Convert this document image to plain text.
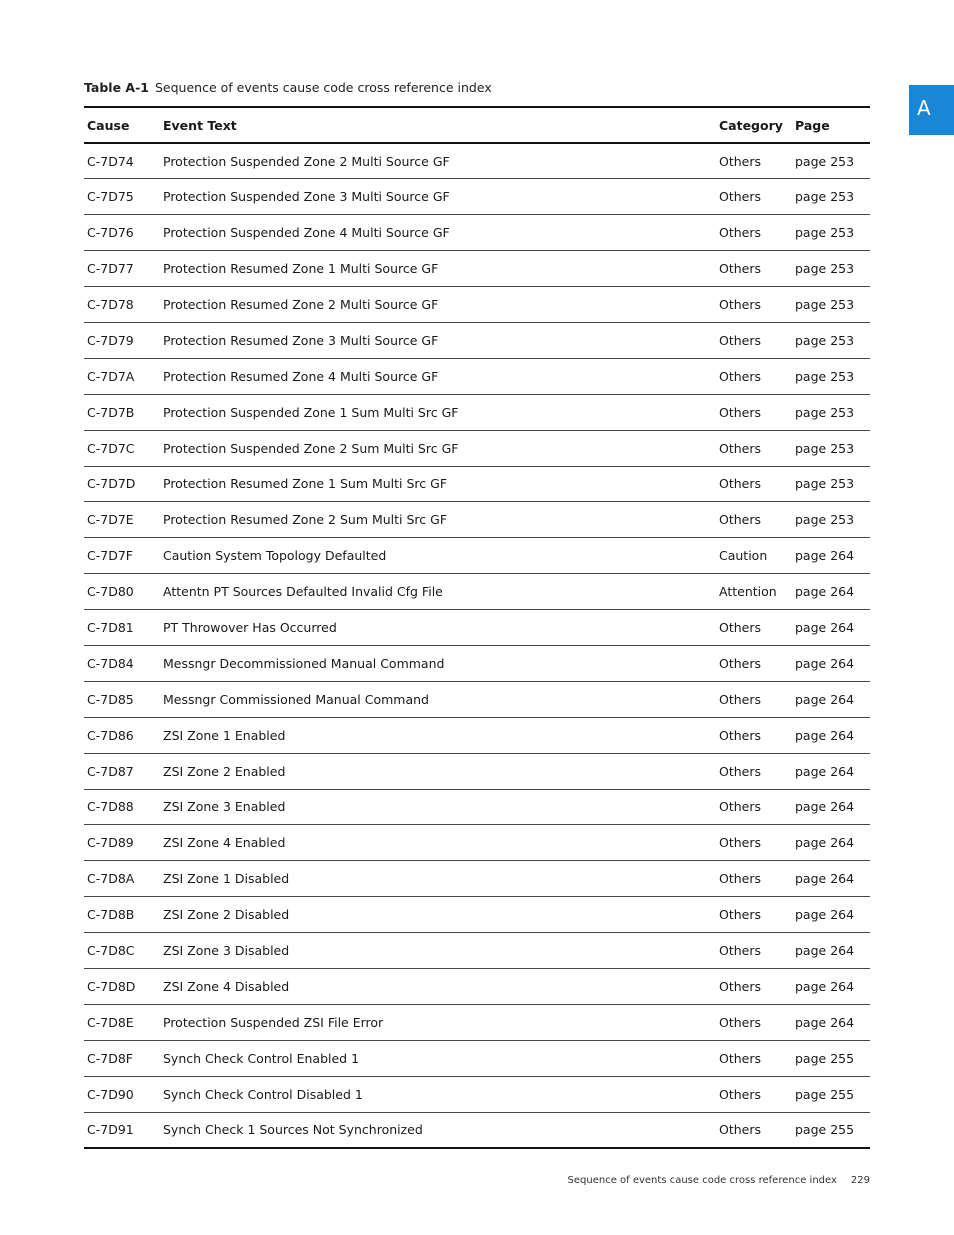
Table A-1 Sequence of events cause code cross reference index
A
Cause	Event Text	Category	Page
C-7D74	Protection Suspended Zone 2 Multi Source GF	Others	page 253
C-7D75	Protection Suspended Zone 3 Multi Source GF	Others	page 253
C-7D76	Protection Suspended Zone 4 Multi Source GF	Others	page 253
C-7D77	Protection Resumed Zone 1 Multi Source GF	Others	page 253
C-7D78	Protection Resumed Zone 2 Multi Source GF	Others	page 253
C-7D79	Protection Resumed Zone 3 Multi Source GF	Others	page 253
C-7D7A	Protection Resumed Zone 4 Multi Source GF	Others	page 253
C-7D7B	Protection Suspended Zone 1 Sum Multi Src GF	Others	page 253
C-7D7C	Protection Suspended Zone 2 Sum Multi Src GF	Others	page 253
C-7D7D	Protection Resumed Zone 1 Sum Multi Src GF	Others	page 253
C-7D7E	Protection Resumed Zone 2 Sum Multi Src GF	Others	page 253
C-7D7F	Caution System Topology Defaulted	Caution	page 264
C-7D80	Attentn PT Sources Defaulted Invalid Cfg File	Attention	page 264
C-7D81	PT Throwover Has Occurred	Others	page 264
C-7D84	Messngr Decommissioned Manual Command	Others	page 264
C-7D85	Messngr Commissioned Manual Command	Others	page 264
C-7D86	ZSI Zone 1 Enabled	Others	page 264
C-7D87	ZSI Zone 2 Enabled	Others	page 264
C-7D88	ZSI Zone 3 Enabled	Others	page 264
C-7D89	ZSI Zone 4 Enabled	Others	page 264
C-7D8A	ZSI Zone 1 Disabled	Others	page 264
C-7D8B	ZSI Zone 2 Disabled	Others	page 264
C-7D8C	ZSI Zone 3 Disabled	Others	page 264
C-7D8D	ZSI Zone 4 Disabled	Others	page 264
C-7D8E	Protection Suspended ZSI File Error	Others	page 264
C-7D8F	Synch Check Control Enabled 1	Others	page 255
C-7D90	Synch Check Control Disabled 1	Others	page 255
C-7D91	Synch Check 1 Sources Not Synchronized	Others	page 255
Sequence of events cause code cross reference index 229
